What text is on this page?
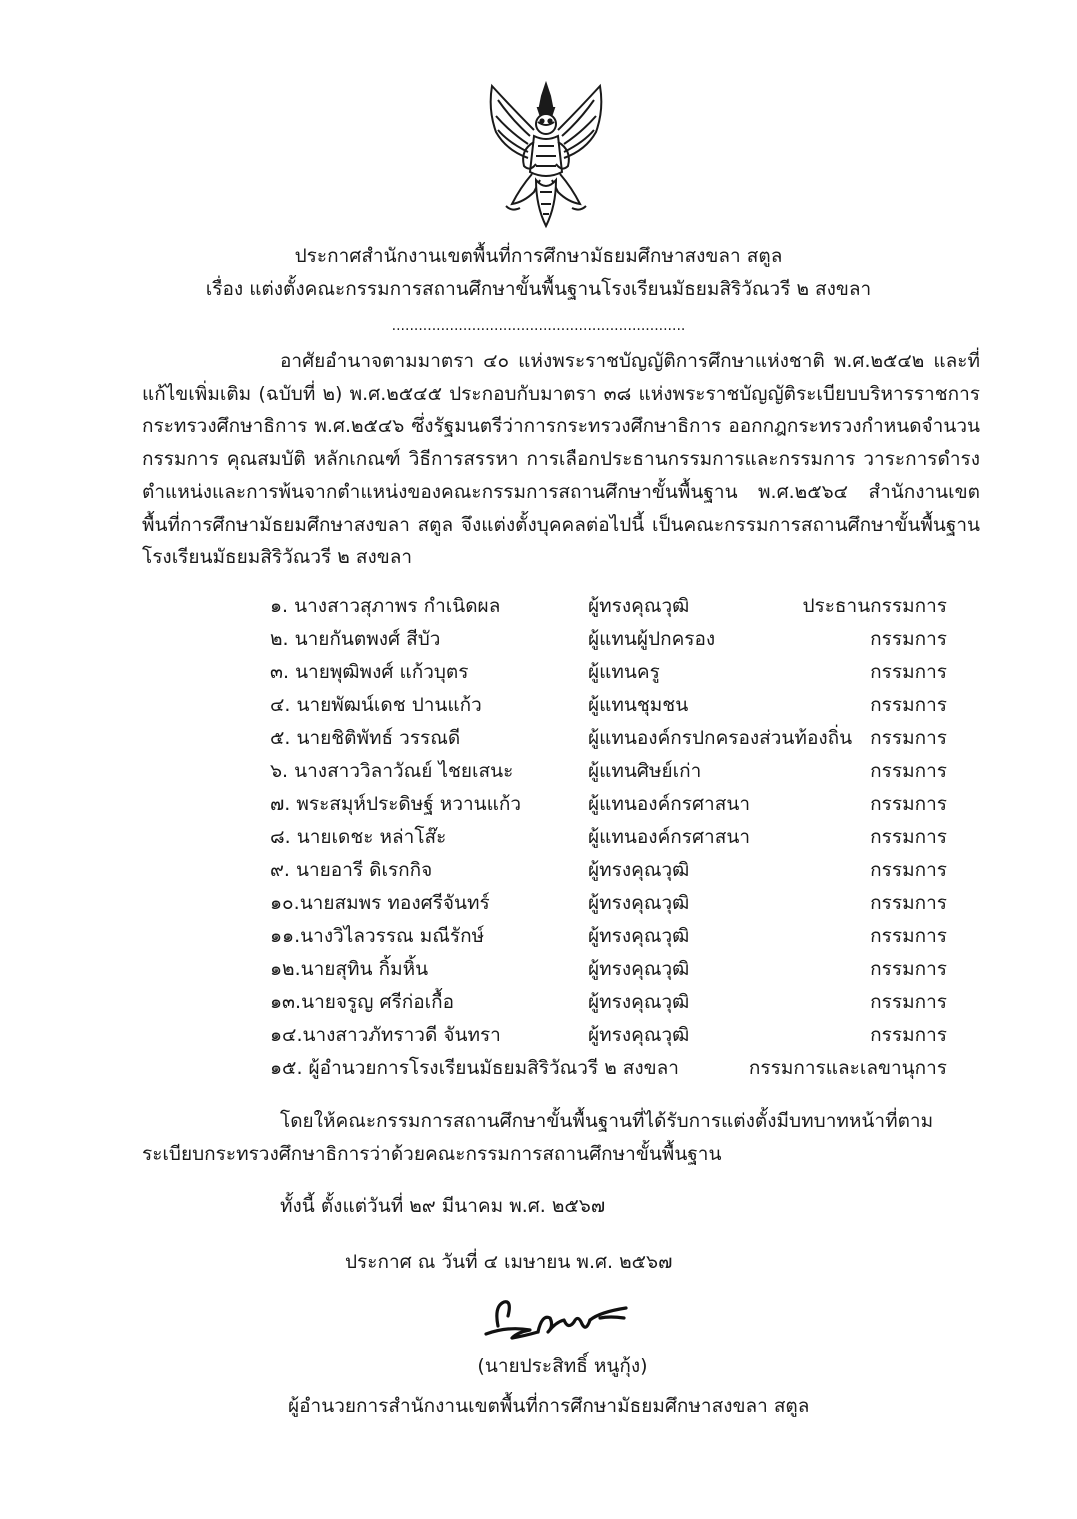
ประกาศสำนักงานเขตพื้นที่การศึกษามัธยมศึกษาสงขลา สตูล
เรื่อง แต่งตั้งคณะกรรมการสถานศึกษาขั้นพื้นฐานโรงเรียนมัธยมสิริวัณวรี ๒ สงขลา
..................................................................
อาศัยอำนาจตามมาตรา ๔๐ แห่งพระราชบัญญัติการศึกษาแห่งชาติ พ.ศ.๒๕๔๒ และที่แก้ไขเพิ่มเติม (ฉบับที่ ๒) พ.ศ.๒๕๔๕ ประกอบกับมาตรา ๓๘ แห่งพระราชบัญญัติระเบียบบริหารราชการกระทรวงศึกษาธิการ พ.ศ.๒๕๔๖ ซึ่งรัฐมนตรีว่าการกระทรวงศึกษาธิการ ออกกฎกระทรวงกำหนดจำนวนกรรมการ คุณสมบัติ หลักเกณฑ์ วิธีการสรรหา การเลือกประธานกรรมการและกรรมการ วาระการดำรงตำแหน่งและการพ้นจากตำแหน่งของคณะกรรมการสถานศึกษาขั้นพื้นฐาน พ.ศ.๒๕๖๔ สำนักงานเขตพื้นที่การศึกษามัธยมศึกษาสงขลา สตูล จึงแต่งตั้งบุคคลต่อไปนี้ เป็นคณะกรรมการสถานศึกษาขั้นพื้นฐานโรงเรียนมัธยมสิริวัณวรี ๒ สงขลา
๑. นางสาวสุภาพร กำเนิดผล	ผู้ทรงคุณวุฒิ	ประธานกรรมการ
๒. นายกันตพงศ์ สีบัว	ผู้แทนผู้ปกครอง	กรรมการ
๓. นายพุฒิพงศ์ แก้วบุตร	ผู้แทนครู	กรรมการ
๔. นายพัฒน์เดช ปานแก้ว	ผู้แทนชุมชน	กรรมการ
๕. นายชิติพัทธ์ วรรณดี	ผู้แทนองค์กรปกครองส่วนท้องถิ่น กรรมการ
๖. นางสาววิลาวัณย์ ไชยเสนะ	ผู้แทนศิษย์เก่า	กรรมการ
๗. พระสมุห์ประดิษฐ์ หวานแก้ว	ผู้แทนองค์กรศาสนา	กรรมการ
๘. นายเดชะ หล่าโส๊ะ	ผู้แทนองค์กรศาสนา	กรรมการ
๙. นายอารี ดิเรกกิจ	ผู้ทรงคุณวุฒิ	กรรมการ
๑๐.นายสมพร ทองศรีจันทร์	ผู้ทรงคุณวุฒิ	กรรมการ
๑๑.นางวิไลวรรณ มณีรักษ์	ผู้ทรงคุณวุฒิ	กรรมการ
๑๒.นายสุทิน กิ้มหิ้น	ผู้ทรงคุณวุฒิ	กรรมการ
๑๓.นายจรูญ ศรีก่อเกื้อ	ผู้ทรงคุณวุฒิ	กรรมการ
๑๔.นางสาวภัทราวดี จันทรา	ผู้ทรงคุณวุฒิ	กรรมการ
๑๕. ผู้อำนวยการโรงเรียนมัธยมสิริวัณวรี ๒ สงขลา	กรรมการและเลขานุการ
โดยให้คณะกรรมการสถานศึกษาขั้นพื้นฐานที่ได้รับการแต่งตั้งมีบทบาทหน้าที่ตามระเบียบกระทรวงศึกษาธิการว่าด้วยคณะกรรมการสถานศึกษาขั้นพื้นฐาน
ทั้งนี้ ตั้งแต่วันที่ ๒๙ มีนาคม พ.ศ. ๒๕๖๗
ประกาศ ณ วันที่ ๔ เมษายน พ.ศ. ๒๕๖๗
(นายประสิทธิ์ หนูกุ้ง)
ผู้อำนวยการสำนักงานเขตพื้นที่การศึกษามัธยมศึกษาสงขลา สตูล
